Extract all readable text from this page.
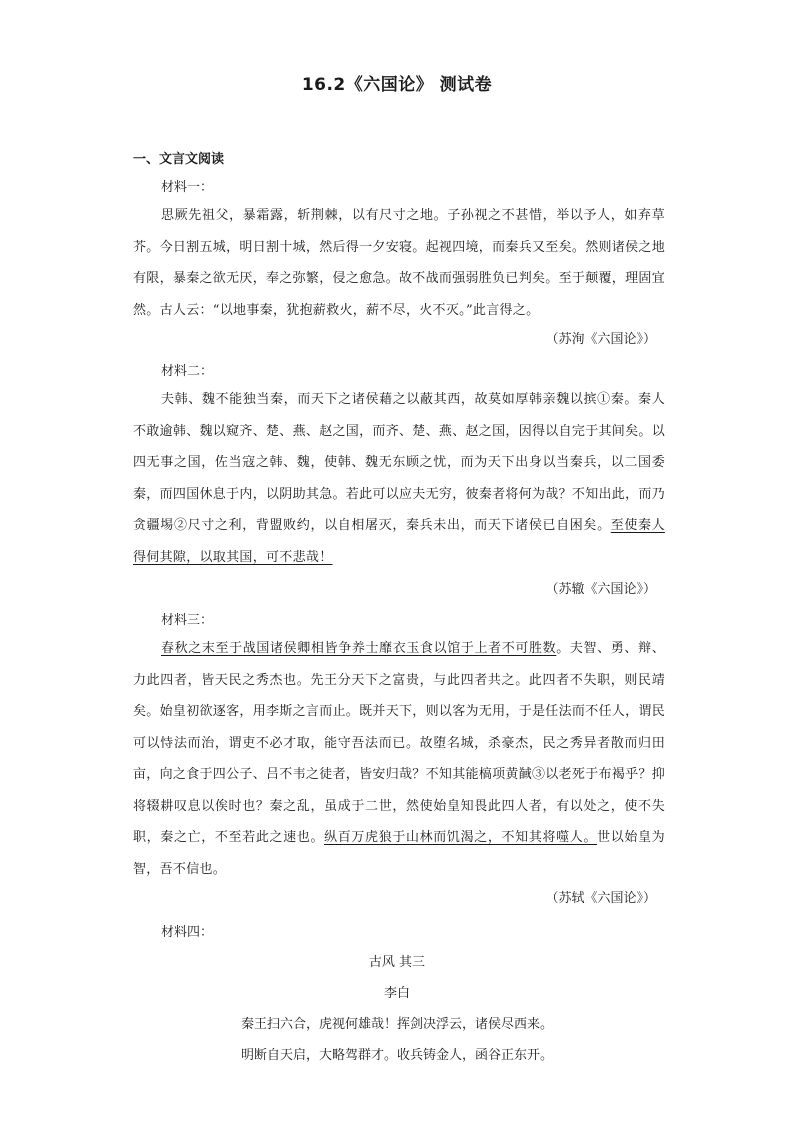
16.2《六国论》 测试卷
一、文言文阅读
材料一：
思厥先祖父，暴霜露，斩荆棘，以有尺寸之地。子孙视之不甚惜，举以予人，如弃草芥。今日割五城，明日割十城，然后得一夕安寝。起视四境，而秦兵又至矣。然则诸侯之地有限，暴秦之欲无厌，奉之弥繁，侵之愈急。故不战而强弱胜负已判矣。至于颠覆，理固宜然。古人云：“以地事秦，犹抱薪救火，薪不尽，火不灭。”此言得之。
（苏洵《六国论》）
材料二：
夫韩、魏不能独当秦，而天下之诸侯藉之以蔽其西，故莫如厚韩亲魏以摈①秦。秦人不敢逾韩、魏以窥齐、楚、燕、赵之国，而齐、楚、燕、赵之国，因得以自完于其间矣。以四无事之国，佐当寇之韩、魏，使韩、魏无东顾之忧，而为天下出身以当秦兵，以二国委秦，而四国休息于内，以阴助其急。若此可以应夫无穷，彼秦者将何为哉？不知出此，而乃贪疆埸②尺寸之利，背盟败约，以自相屠灭，秦兵未出，而天下诸侯已自困矣。至使秦人得伺其隙，以取其国，可不悲哉！
（苏辙《六国论》）
材料三：
春秋之末至于战国诸侯卿相皆争养士靡衣玉食以馆于上者不可胜数。夫智、勇、辩、力此四者，皆天民之秀杰也。先王分天下之富贵，与此四者共之。此四者不失职，则民靖矣。始皇初欲逐客，用李斯之言而止。既并天下，则以客为无用，于是任法而不任人，谓民可以恃法而治，谓吏不必才取，能守吾法而已。故堕名城，杀豪杰，民之秀异者散而归田亩，向之食于四公子、吕不韦之徒者，皆安归哉？不知其能槁项黄馘③以老死于布褐乎？抑将辍耕叹息以俟时也？秦之乱，虽成于二世，然使始皇知畏此四人者，有以处之，使不失职，秦之亡，不至若此之速也。纵百万虎狼于山林而饥渴之，不知其将噬人。世以始皇为智，吾不信也。
（苏轼《六国论》）
材料四：
古风 其三
李白
秦王扫六合，虎视何雄哉！挥剑决浮云，诸侯尽西来。
明断自天启，大略驾群才。收兵铸金人，函谷正东开。
